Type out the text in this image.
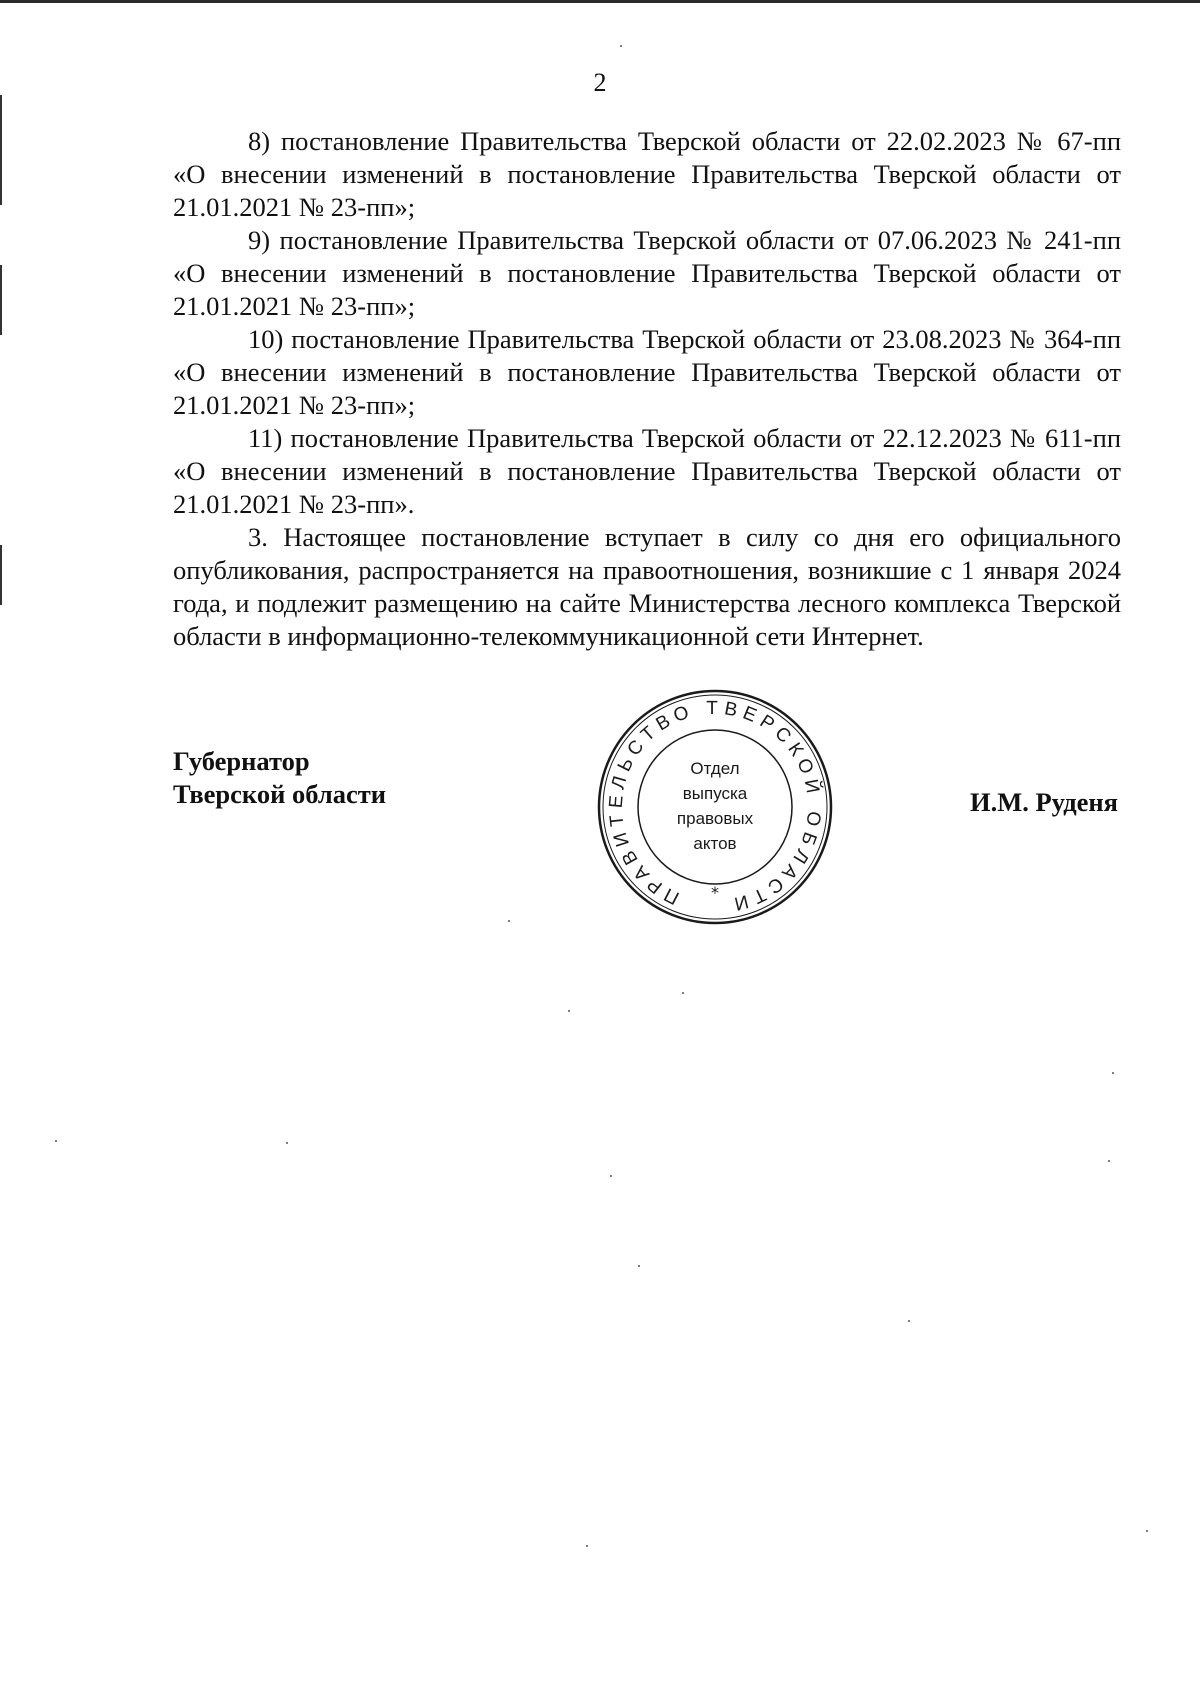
2

8) постановление Правительства Тверской области от 22.02.2023 № 67-пп «О внесении изменений в постановление Правительства Тверской области от 21.01.2021 № 23-пп»;

9) постановление Правительства Тверской области от 07.06.2023 № 241-пп «О внесении изменений в постановление Правительства Тверской области от 21.01.2021 № 23-пп»;

10) постановление Правительства Тверской области от 23.08.2023 № 364-пп «О внесении изменений в постановление Правительства Тверской области от 21.01.2021 № 23-пп»;

11) постановление Правительства Тверской области от 22.12.2023 № 611-пп «О внесении изменений в постановление Правительства Тверской области от 21.01.2021 № 23-пп».

3. Настоящее постановление вступает в силу со дня его официального опубликования, распространяется на правоотношения, возникшие с 1 января 2024 года, и подлежит размещению на сайте Министерства лесного комплекса Тверской области в информационно-телекоммуникационной сети Интернет.

Губернатор
Тверской области	И.М. Руденя
ПРАВИТЕЛЬСТВО ТВЕРСКОЙ ОБЛАСТИ
*
Отдел
выпуска
правовых
актов
